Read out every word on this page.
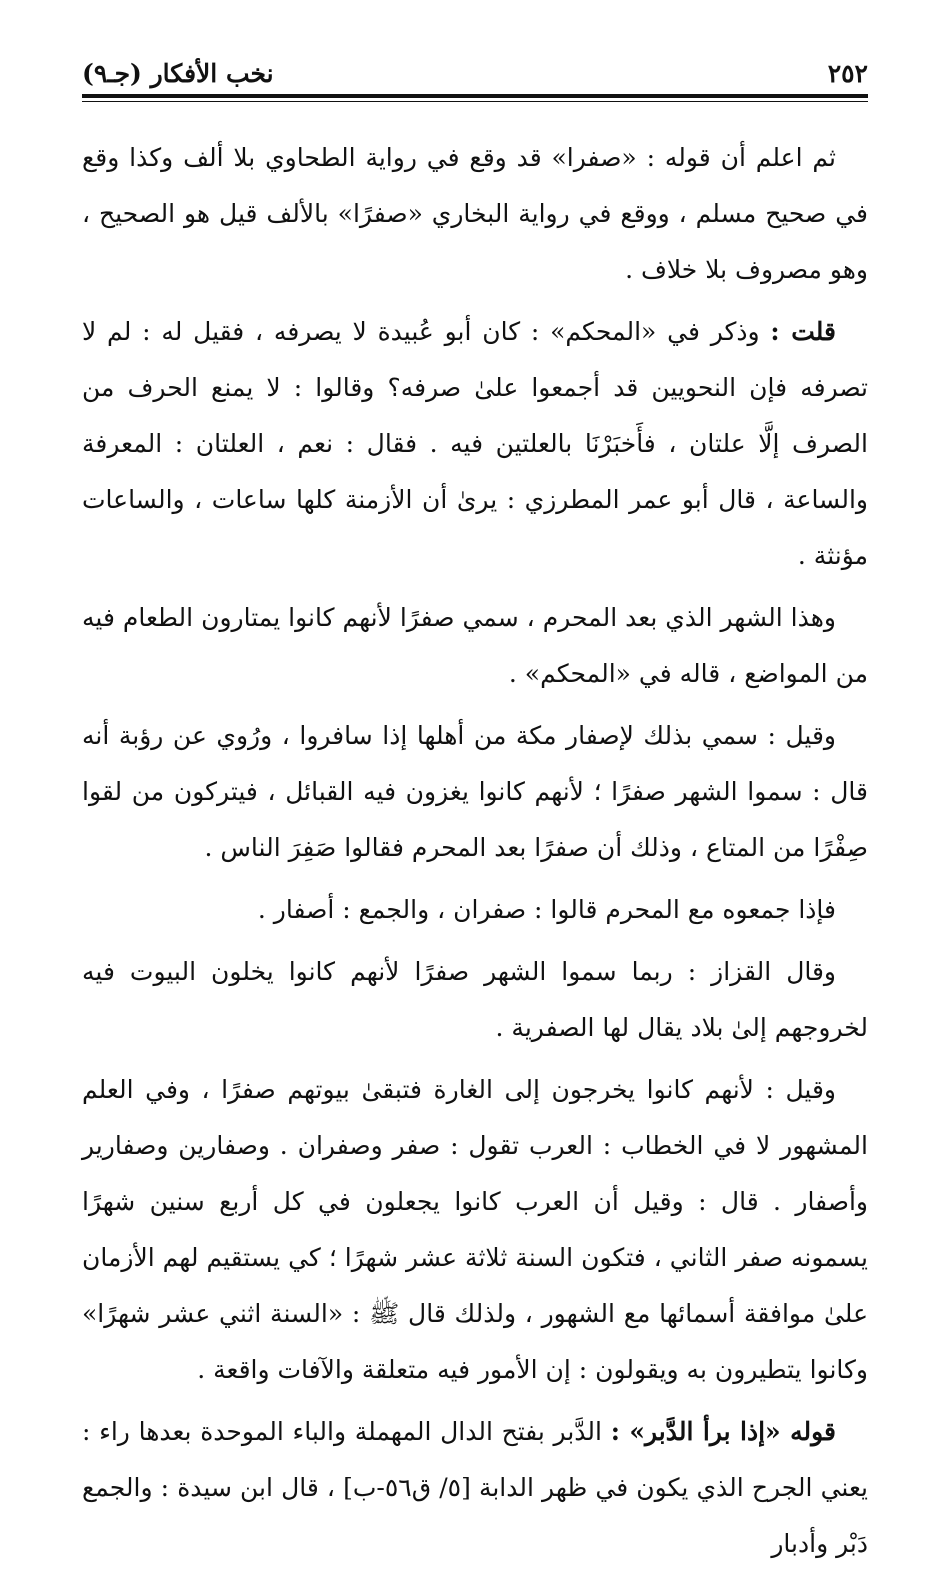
٢٥٢
نخب الأفكار (جـ٩)

ثم اعلم أن قوله : «صفرا» قد وقع في رواية الطحاوي بلا ألف وكذا وقع في صحيح مسلم ، ووقع في رواية البخاري «صفرًا» بالألف قيل هو الصحيح ، وهو مصروف بلا خلاف .

قلت : وذكر في «المحكم» : كان أبو عُبيدة لا يصرفه ، فقيل له : لم لا تصرفه فإن النحويين قد أجمعوا علىٰ صرفه؟ وقالوا : لا يمنع الحرف من الصرف إلَّا علتان ، فأَخبَرْنَا بالعلتين فيه . فقال : نعم ، العلتان : المعرفة والساعة ، قال أبو عمر المطرزي : يرىٰ أن الأزمنة كلها ساعات ، والساعات مؤنثة .

وهذا الشهر الذي بعد المحرم ، سمي صفرًا لأنهم كانوا يمتارون الطعام فيه من المواضع ، قاله في «المحكم» .

وقيل : سمي بذلك لإصفار مكة من أهلها إذا سافروا ، ورُوي عن رؤبة أنه قال : سموا الشهر صفرًا ؛ لأنهم كانوا يغزون فيه القبائل ، فيتركون من لقوا صِفْرًا من المتاع ، وذلك أن صفرًا بعد المحرم فقالوا صَفِرَ الناس .

فإذا جمعوه مع المحرم قالوا : صفران ، والجمع : أصفار .

وقال القزاز : ربما سموا الشهر صفرًا لأنهم كانوا يخلون البيوت فيه لخروجهم إلىٰ بلاد يقال لها الصفرية .

وقيل : لأنهم كانوا يخرجون إلى الغارة فتبقىٰ بيوتهم صفرًا ، وفي العلم المشهور لا في الخطاب : العرب تقول : صفر وصفران . وصفارين وصفارير وأصفار . قال : وقيل أن العرب كانوا يجعلون في كل أربع سنين شهرًا يسمونه صفر الثاني ، فتكون السنة ثلاثة عشر شهرًا ؛ كي يستقيم لهم الأزمان علىٰ موافقة أسمائها مع الشهور ، ولذلك قال ﷺ : «السنة اثني عشر شهرًا» وكانوا يتطيرون به ويقولون : إن الأمور فيه متعلقة والآفات واقعة .

قوله «إذا برأ الدَّبر» : الدَّبر بفتح الدال المهملة والباء الموحدة بعدها راء : يعني الجرح الذي يكون في ظهر الدابة [٥/ ق٥٦-ب] ، قال ابن سيدة : والجمع دَبْر وأدبار
